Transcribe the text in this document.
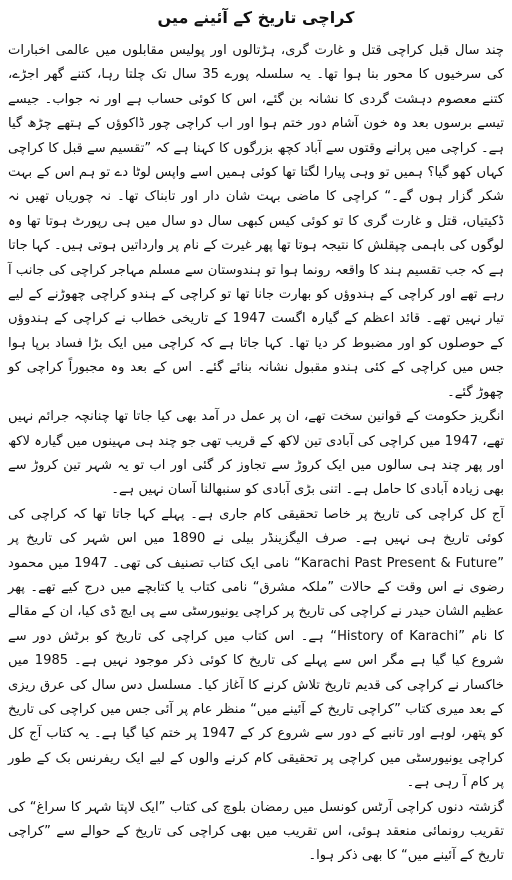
کراچی تاریخ کے آئینے میں

چند سال قبل کراچی قتل و غارت گری، ہڑتالوں اور پولیس مقابلوں میں عالمی اخبارات کی سرخیوں کا محور بنا ہوا تھا۔ یہ سلسلہ پورے 35 سال تک چلتا رہا، کتنے گھر اجڑے، کتنے معصوم دہشت گردی کا نشانہ بن گئے، اس کا کوئی حساب ہے اور نہ جواب۔ جیسے تیسے برسوں بعد وہ خون آشام دور ختم ہوا اور اب کراچی چور ڈاکوؤں کے ہتھے چڑھ گیا ہے۔ کراچی میں پرانے وقتوں سے آباد کچھ بزرگوں کا کہنا ہے کہ ”تقسیم سے قبل کا کراچی کہاں کھو گیا؟ ہمیں تو وہی پیارا لگتا تھا کوئی ہمیں اسے واپس لوٹا دے تو ہم اس کے بہت شکر گزار ہوں گے۔“ کراچی کا ماضی بہت شان دار اور تابناک تھا۔ نہ چوریاں تھیں نہ ڈکیتیاں، قتل و غارت گری کا تو کوئی کیس کبھی سال دو سال میں ہی رپورٹ ہوتا تھا وہ لوگوں کی باہمی چپقلش کا نتیجہ ہوتا تھا پھر غیرت کے نام پر وارداتیں ہوتی ہیں۔ کہا جاتا ہے کہ جب تقسیم ہند کا واقعہ رونما ہوا تو ہندوستان سے مسلم مہاجر کراچی کی جانب آ رہے تھے اور کراچی کے ہندوؤں کو بھارت جانا تھا تو کراچی کے ہندو کراچی چھوڑنے کے لیے تیار نہیں تھے۔ قائد اعظم کے گیارہ اگست 1947 کے تاریخی خطاب نے کراچی کے ہندوؤں کے حوصلوں کو اور مضبوط کر دیا تھا۔ کہا جاتا ہے کہ کراچی میں ایک بڑا فساد برپا ہوا جس میں کراچی کے کئی ہندو مقبول نشانہ بنائے گئے۔ اس کے بعد وہ مجبوراً کراچی کو چھوڑ گئے۔

انگریز حکومت کے قوانین سخت تھے، ان پر عمل در آمد بھی کیا جاتا تھا چنانچہ جرائم نہیں تھے، 1947 میں کراچی کی آبادی تین لاکھ کے قریب تھی جو چند ہی مہینوں میں گیارہ لاکھ اور پھر چند ہی سالوں میں ایک کروڑ سے تجاوز کر گئی اور اب تو یہ شہر تین کروڑ سے بھی زیادہ آبادی کا حامل ہے۔ اتنی بڑی آبادی کو سنبھالنا آسان نہیں ہے۔

آج کل کراچی کی تاریخ پر خاصا تحقیقی کام جاری ہے۔ پہلے کہا جاتا تھا کہ کراچی کی کوئی تاریخ ہی نہیں ہے۔ صرف الیگزینڈر بیلی نے 1890 میں اس شہر کی تاریخ پر ”Karachi Past Present & Future“ نامی ایک کتاب تصنیف کی تھی۔ 1947 میں محمود رضوی نے اس وقت کے حالات ”ملکہ مشرق“ نامی کتاب یا کتابچے میں درج کیے تھے۔ پھر عظیم الشان حیدر نے کراچی کی تاریخ پر کراچی یونیورسٹی سے پی ایچ ڈی کیا، ان کے مقالے کا نام ”History of Karachi“ ہے۔ اس کتاب میں کراچی کی تاریخ کو برٹش دور سے شروع کیا گیا ہے مگر اس سے پہلے کی تاریخ کا کوئی ذکر موجود نہیں ہے۔ 1985 میں خاکسار نے کراچی کی قدیم تاریخ تلاش کرنے کا آغاز کیا۔ مسلسل دس سال کی عرق ریزی کے بعد میری کتاب ”کراچی تاریخ کے آئینے میں“ منظر عام پر آئی جس میں کراچی کی تاریخ کو پتھر، لوہے اور تانبے کے دور سے شروع کر کے 1947 پر ختم کیا گیا ہے۔ یہ کتاب آج کل کراچی یونیورسٹی میں کراچی پر تحقیقی کام کرنے والوں کے لیے ایک ریفرنس بک کے طور پر کام آ رہی ہے۔

گزشتہ دنوں کراچی آرٹس کونسل میں رمضان بلوچ کی کتاب ”ایک لاپتا شہر کا سراغ“ کی تقریب رونمائی منعقد ہوئی، اس تقریب میں بھی کراچی کی تاریخ کے حوالے سے ”کراچی تاریخ کے آئینے میں“ کا بھی ذکر ہوا۔
